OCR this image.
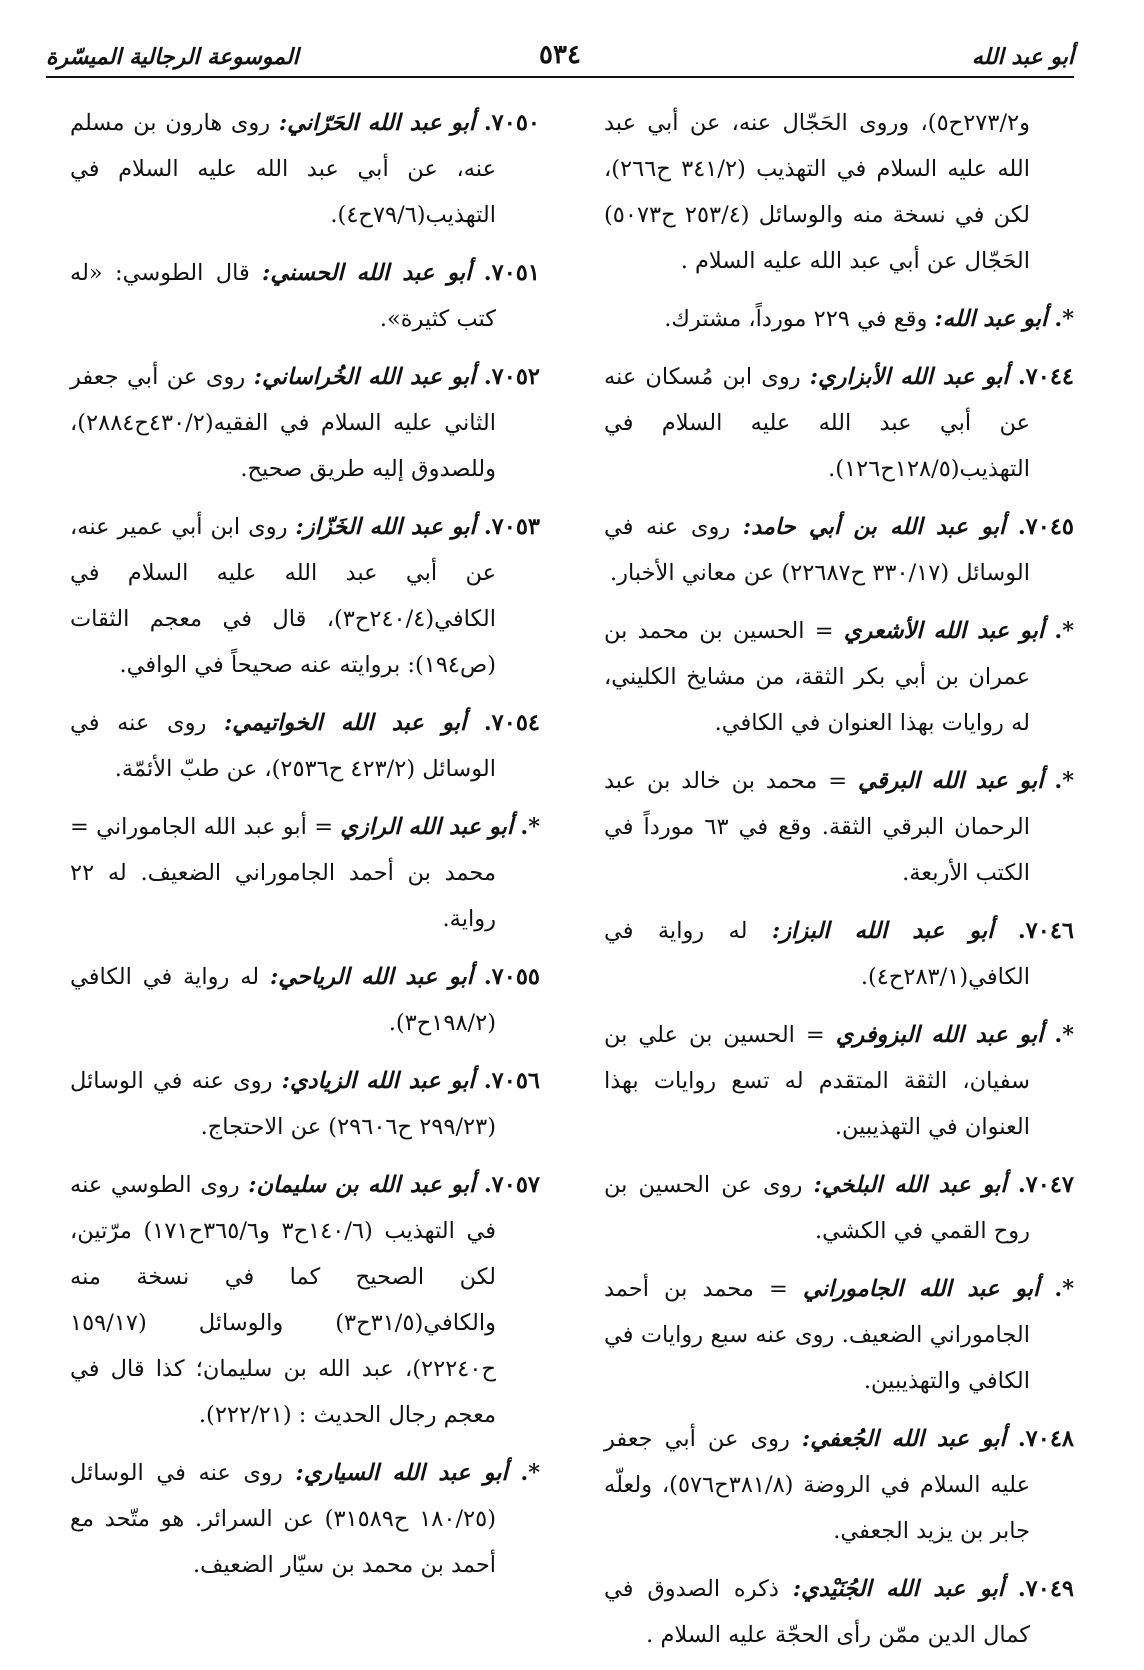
أبو عبد الله
٥٣٤
الموسوعة الرجالية الميسّرة

و٢٧٣/٢ح٥)، وروى الحَجّال عنه، عن أبي عبد الله عليه السلام في التهذيب (٣٤١/٢ ح٢٦٦)، لكن في نسخة منه والوسائل (٢٥٣/٤ ح٥٠٧٣) الحَجّال عن أبي عبد الله عليه السلام .

*. أبو عبد الله: وقع في ٢٢٩ مورداً، مشترك.

٧٠٤٤. أبو عبد الله الأبزاري: روى ابن مُسكان عنه عن أبي عبد الله عليه السلام في التهذيب(١٢٨/٥ح١٢٦).

٧٠٤٥. أبو عبد الله بن أبي حامد: روى عنه في الوسائل (٣٣٠/١٧ ح٢٢٦٨٧) عن معاني الأخبار.

*. أبو عبد الله الأشعري = الحسين بن محمد بن عمران بن أبي بكر الثقة، من مشايخ الكليني، له روايات بهذا العنوان في الكافي.

*. أبو عبد الله البرقي = محمد بن خالد بن عبد الرحمان البرقي الثقة. وقع في ٦٣ مورداً في الكتب الأربعة.

٧٠٤٦. أبو عبد الله البزاز: له رواية في الكافي(٢٨٣/١ح٤).

*. أبو عبد الله البزوفري = الحسين بن علي بن سفيان، الثقة المتقدم له تسع روايات بهذا العنوان في التهذيبين.

٧٠٤٧. أبو عبد الله البلخي: روى عن الحسين بن روح القمي في الكشي.

*. أبو عبد الله الجاموراني = محمد بن أحمد الجاموراني الضعيف. روى عنه سبع روايات في الكافي والتهذيبين.

٧٠٤٨. أبو عبد الله الجُعفي: روى عن أبي جعفر عليه السلام في الروضة (٣٨١/٨ح٥٧٦)، ولعلّه جابر بن يزيد الجعفي.

٧٠٤٩. أبو عبد الله الجُنَيْدي: ذكره الصدوق في كمال الدين ممّن رأى الحجّة عليه السلام .

٧٠٥٠. أبو عبد الله الحَرّاني: روى هارون بن مسلم عنه، عن أبي عبد الله عليه السلام في التهذيب(٧٩/٦ح٤).

٧٠٥١. أبو عبد الله الحسني: قال الطوسي: «له كتب كثيرة».

٧٠٥٢. أبو عبد الله الخُراساني: روى عن أبي جعفر الثاني عليه السلام في الفقيه(٤٣٠/٢ح٢٨٨٤)، وللصدوق إليه طريق صحيح.

٧٠٥٣. أبو عبد الله الخَزّاز: روى ابن أبي عمير عنه، عن أبي عبد الله عليه السلام في الكافي(٢٤٠/٤ح٣)، قال في معجم الثقات (ص١٩٤): بروايته عنه صحيحاً في الوافي.

٧٠٥٤. أبو عبد الله الخواتيمي: روى عنه في الوسائل (٤٢٣/٢ ح٢٥٣٦)، عن طبّ الأئمّة.

*. أبو عبد الله الرازي = أبو عبد الله الجاموراني = محمد بن أحمد الجاموراني الضعيف. له ٢٢ رواية.

٧٠٥٥. أبو عبد الله الرياحي: له رواية في الكافي (١٩٨/٢ح٣).

٧٠٥٦. أبو عبد الله الزيادي: روى عنه في الوسائل (٢٩٩/٢٣ ح٢٩٦٠٦) عن الاحتجاج.

٧٠٥٧. أبو عبد الله بن سليمان: روى الطوسي عنه في التهذيب (١٤٠/٦ح٣ و٣٦٥/٦ح١٧١) مرّتين، لكن الصحيح كما في نسخة منه والكافي(٣١/٥ح٣) والوسائل (١٥٩/١٧ ح٢٢٢٤٠)، عبد الله بن سليمان؛ كذا قال في معجم رجال الحديث : (٢٢٢/٢١).

*. أبو عبد الله السياري: روى عنه في الوسائل (١٨٠/٢٥ ح٣١٥٨٩) عن السرائر. هو متّحد مع أحمد بن محمد بن سيّار الضعيف.
